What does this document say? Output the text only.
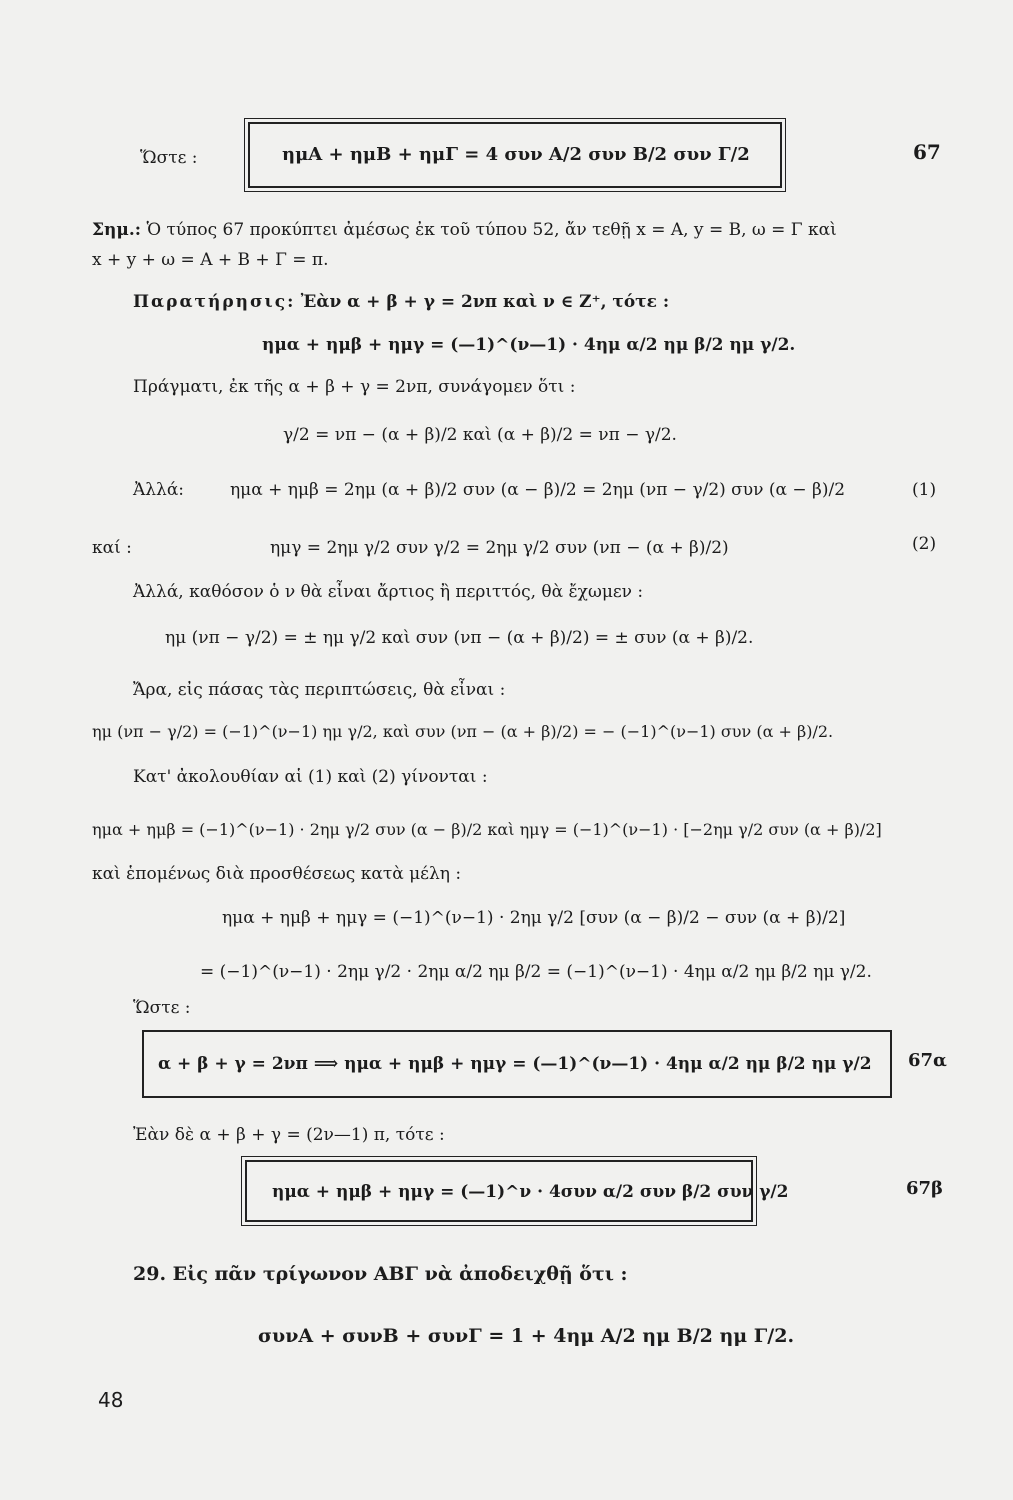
Ὥστε :	ημA + ημB + ημΓ = 4 συν A/2 συν B/2 συν Γ/2	67
Σημ.: Ὁ τύπος 67 προκύπτει ἀμέσως ἐκ τοῦ τύπου 52, ἄν τεθῇ x = A, y = B, ω = Γ καὶ
x + y + ω = A + B + Γ = π.
Παρατήρησις: Ἐὰν α + β + γ = 2νπ καὶ ν ∈ Z⁺, τότε :
ημα + ημβ + ημγ = (—1)^(ν—1) · 4ημ α/2 ημ β/2 ημ γ/2.
Πράγματι, ἐκ τῆς α + β + γ = 2νπ, συνάγομεν ὅτι :
γ/2 = νπ − (α + β)/2 καὶ (α + β)/2 = νπ − γ/2.
Ἀλλά:	ημα + ημβ = 2ημ (α + β)/2 συν (α − β)/2 = 2ημ (νπ − γ/2) συν (α − β)/2	(1)
καί :	ημγ = 2ημ γ/2 συν γ/2 = 2ημ γ/2 συν (νπ − (α + β)/2)	(2)
Ἀλλά, καθόσον ὁ ν θὰ εἶναι ἄρτιος ἢ περιττός, θὰ ἔχωμεν :
ημ (νπ − γ/2) = ± ημ γ/2 καὶ συν (νπ − (α + β)/2) = ± συν (α + β)/2.
Ἄρα, εἰς πάσας τὰς περιπτώσεις, θὰ εἶναι :
ημ (νπ − γ/2) = (−1)^(ν−1) ημ γ/2, καὶ συν (νπ − (α + β)/2) = − (−1)^(ν−1) συν (α + β)/2.
Κατ' ἀκολουθίαν αἱ (1) καὶ (2) γίνονται :
ημα + ημβ = (−1)^(ν−1) · 2ημ γ/2 συν (α − β)/2 καὶ ημγ = (−1)^(ν−1) · [−2ημ γ/2 συν (α + β)/2]
καὶ ἑπομένως διὰ προσθέσεως κατὰ μέλη :
ημα + ημβ + ημγ = (−1)^(ν−1) · 2ημ γ/2 [συν (α − β)/2 − συν (α + β)/2]
= (−1)^(ν−1) · 2ημ γ/2 · 2ημ α/2 ημ β/2 = (−1)^(ν−1) · 4ημ α/2 ημ β/2 ημ γ/2.
Ὥστε :
α + β + γ = 2νπ ⟹ ημα + ημβ + ημγ = (—1)^(ν—1) · 4ημ α/2 ημ β/2 ημ γ/2 67α
Ἐὰν δὲ α + β + γ = (2ν—1) π, τότε :
ημα + ημβ + ημγ = (—1)^ν · 4συν α/2 συν β/2 συν γ/2	67β
29. Εἰς πᾶν τρίγωνον ΑΒΓ νὰ ἀποδειχθῇ ὅτι :
συνA + συνB + συνΓ = 1 + 4ημ A/2 ημ B/2 ημ Γ/2.
48
